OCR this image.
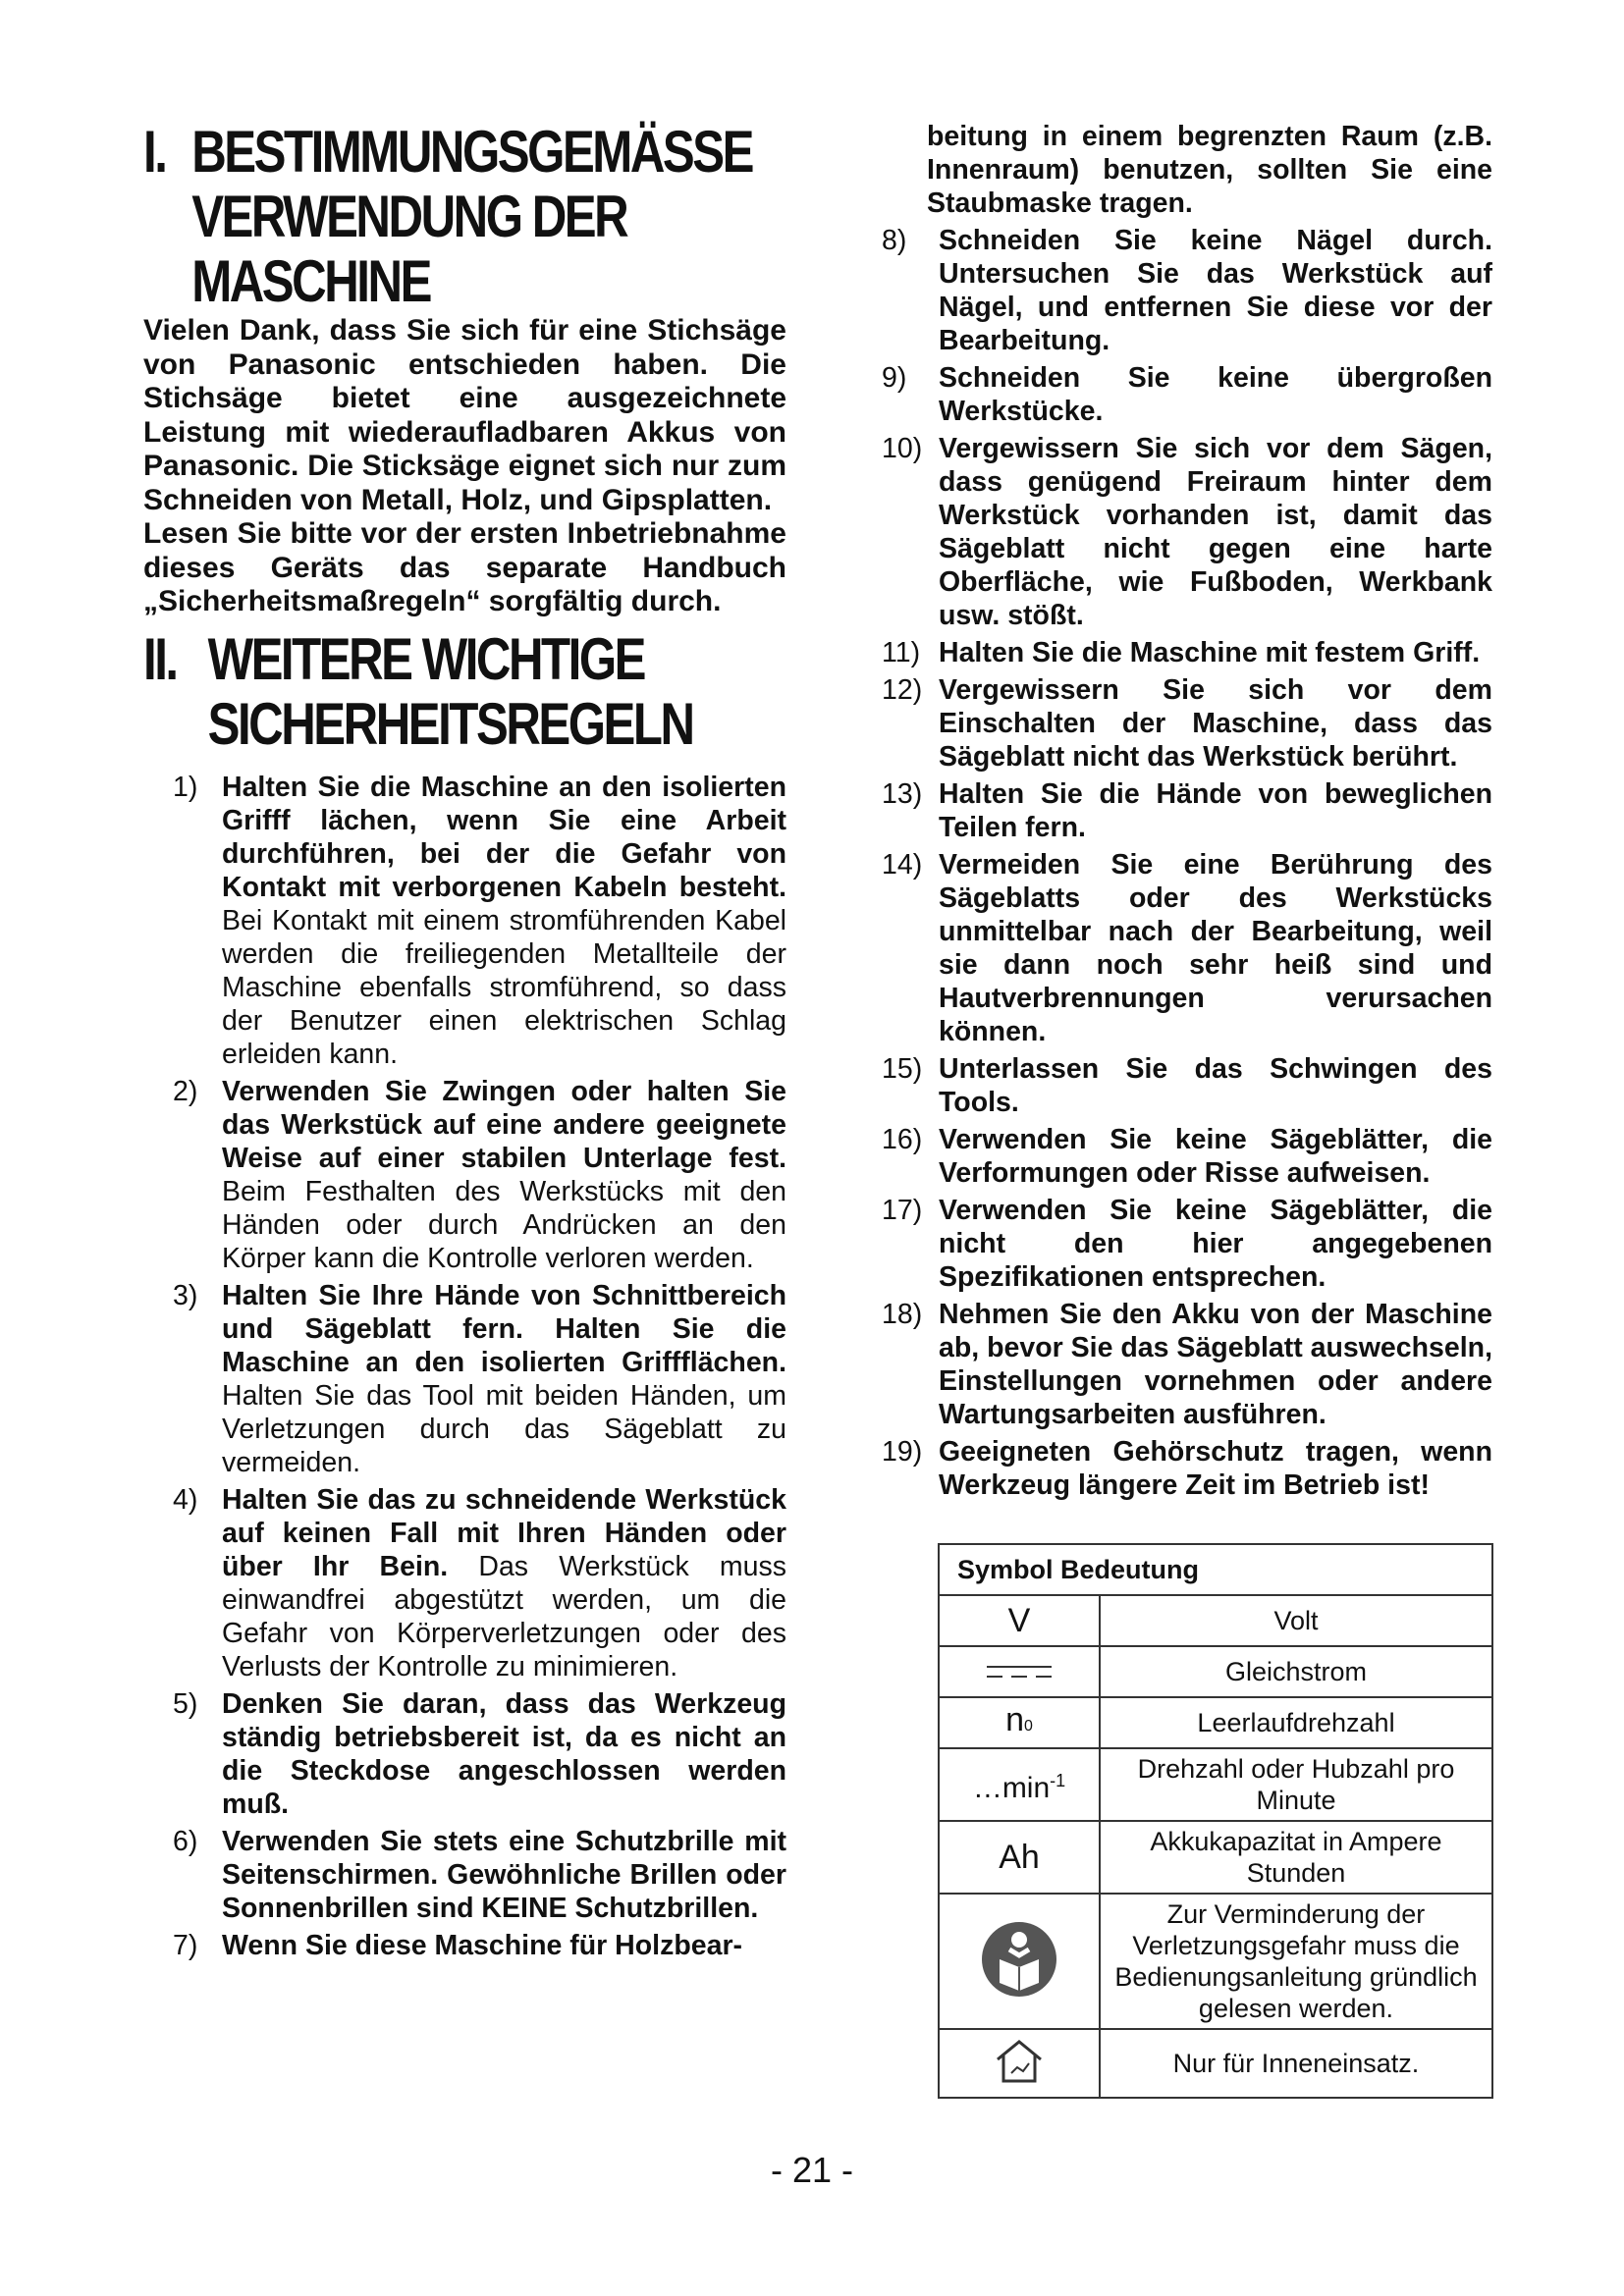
I. BESTIMMUNGSGEMÄSSE
VERWENDUNG DER
MASCHINE

Vielen Dank, dass Sie sich für eine Stichsäge von Panasonic entschieden haben. Die Stichsäge bietet eine ausgezeichnete Leistung mit wiederaufladbaren Akkus von Panasonic. Die Sticksäge eignet sich nur zum Schneiden von Metall, Holz, und Gipsplatten.

Lesen Sie bitte vor der ersten Inbetriebnahme dieses Geräts das separate Handbuch „Sicherheitsmaßregeln“ sorgfältig durch.

II. WEITERE WICHTIGE
SICHERHEITSREGELN
1) Halten Sie die Maschine an den isolierten Grifff lächen, wenn Sie eine Arbeit durchführen, bei der die Gefahr von Kontakt mit verborgenen Kabeln besteht. Bei Kontakt mit einem stromführenden Kabel werden die freiliegenden Metallteile der Maschine ebenfalls stromführend, so dass der Benutzer einen elektrischen Schlag erleiden kann.
2) Verwenden Sie Zwingen oder halten Sie das Werkstück auf eine andere geeignete Weise auf einer stabilen Unterlage fest. Beim Festhalten des Werkstücks mit den Händen oder durch Andrücken an den Körper kann die Kontrolle verloren werden.
3) Halten Sie Ihre Hände von Schnittbereich und Sägeblatt fern. Halten Sie die Maschine an den isolierten Griffflächen. Halten Sie das Tool mit beiden Händen, um Verletzungen durch das Sägeblatt zu vermeiden.
4) Halten Sie das zu schneidende Werkstück auf keinen Fall mit Ihren Händen oder über Ihr Bein. Das Werkstück muss einwandfrei abgestützt werden, um die Gefahr von Körperverletzungen oder des Verlusts der Kontrolle zu minimieren.
5) Denken Sie daran, dass das Werkzeug ständig betriebsbereit ist, da es nicht an die Steckdose angeschlossen werden muß.
6) Verwenden Sie stets eine Schutzbrille mit Seitenschirmen. Gewöhnliche Brillen oder Sonnenbrillen sind KEINE Schutzbrillen.
7) Wenn Sie diese Maschine für Holzbear-
beitung in einem begrenzten Raum (z.B. Innenraum) benutzen, sollten Sie eine Staubmaske tragen.
8) Schneiden Sie keine Nägel durch. Untersuchen Sie das Werkstück auf Nägel, und entfernen Sie diese vor der Bearbeitung.
9) Schneiden Sie keine übergroßen Werkstücke.
10) Vergewissern Sie sich vor dem Sägen, dass genügend Freiraum hinter dem Werkstück vorhanden ist, damit das Sägeblatt nicht gegen eine harte Oberfläche, wie Fußboden, Werkbank usw. stößt.
11) Halten Sie die Maschine mit festem Griff.
12) Vergewissern Sie sich vor dem Einschalten der Maschine, dass das Sägeblatt nicht das Werkstück berührt.
13) Halten Sie die Hände von beweglichen Teilen fern.
14) Vermeiden Sie eine Berührung des Sägeblatts oder des Werkstücks unmittelbar nach der Bearbeitung, weil sie dann noch sehr heiß sind und Hautverbrennungen verursachen können.
15) Unterlassen Sie das Schwingen des Tools.
16) Verwenden Sie keine Sägeblätter, die Verformungen oder Risse aufweisen.
17) Verwenden Sie keine Sägeblätter, die nicht den hier angegebenen Spezifikationen entsprechen.
18) Nehmen Sie den Akku von der Maschine ab, bevor Sie das Sägeblatt auswechseln, Einstellungen vornehmen oder andere Wartungsarbeiten ausführen.
19) Geeigneten Gehörschutz tragen, wenn Werkzeug längere Zeit im Betrieb ist!
Symbol Bedeutung	
V	Volt
	Gleichstrom
n0	Leerlaufdrehzahl
$\dots\min^{-1}$	Drehzahl oder Hubzahl pro Minute
Ah	Akkukapazitat in Ampere Stunden
	Zur Verminderung der Verletzungsgefahr muss die Bedienungsanleitung gründlich gelesen werden.
	Nur für Inneneinsatz.
- 21 -
